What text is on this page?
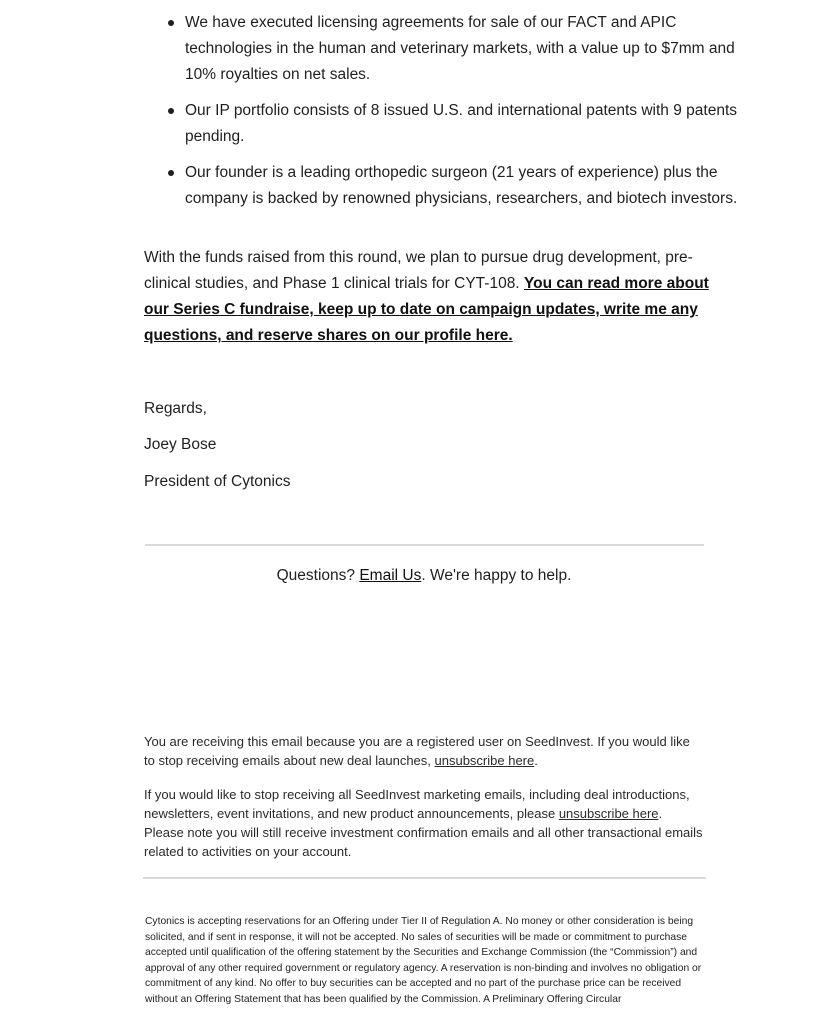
We have executed licensing agreements for sale of our FACT and APIC technologies in the human and veterinary markets, with a value up to $7mm and 10% royalties on net sales.
Our IP portfolio consists of 8 issued U.S. and international patents with 9 patents pending.
Our founder is a leading orthopedic surgeon (21 years of experience) plus the company is backed by renowned physicians, researchers, and biotech investors.

With the funds raised from this round, we plan to pursue drug development, pre-clinical studies, and Phase 1 clinical trials for CYT-108. You can read more about our Series C fundraise, keep up to date on campaign updates, write me any questions, and reserve shares on our profile here.

Regards,

Joey Bose

President of Cytonics

Questions? Email Us. We're happy to help.

You are receiving this email because you are a registered user on SeedInvest. If you would like to stop receiving emails about new deal launches, unsubscribe here.

If you would like to stop receiving all SeedInvest marketing emails, including deal introductions, newsletters, event invitations, and new product announcements, please unsubscribe here. Please note you will still receive investment confirmation emails and all other transactional emails related to activities on your account.

Cytonics is accepting reservations for an Offering under Tier II of Regulation A. No money or other consideration is being solicited, and if sent in response, it will not be accepted. No sales of securities will be made or commitment to purchase accepted until qualification of the offering statement by the Securities and Exchange Commission (the “Commission”) and approval of any other required government or regulatory agency. A reservation is non-binding and involves no obligation or commitment of any kind. No offer to buy securities can be accepted and no part of the purchase price can be received without an Offering Statement that has been qualified by the Commission. A Preliminary Offering Circular
